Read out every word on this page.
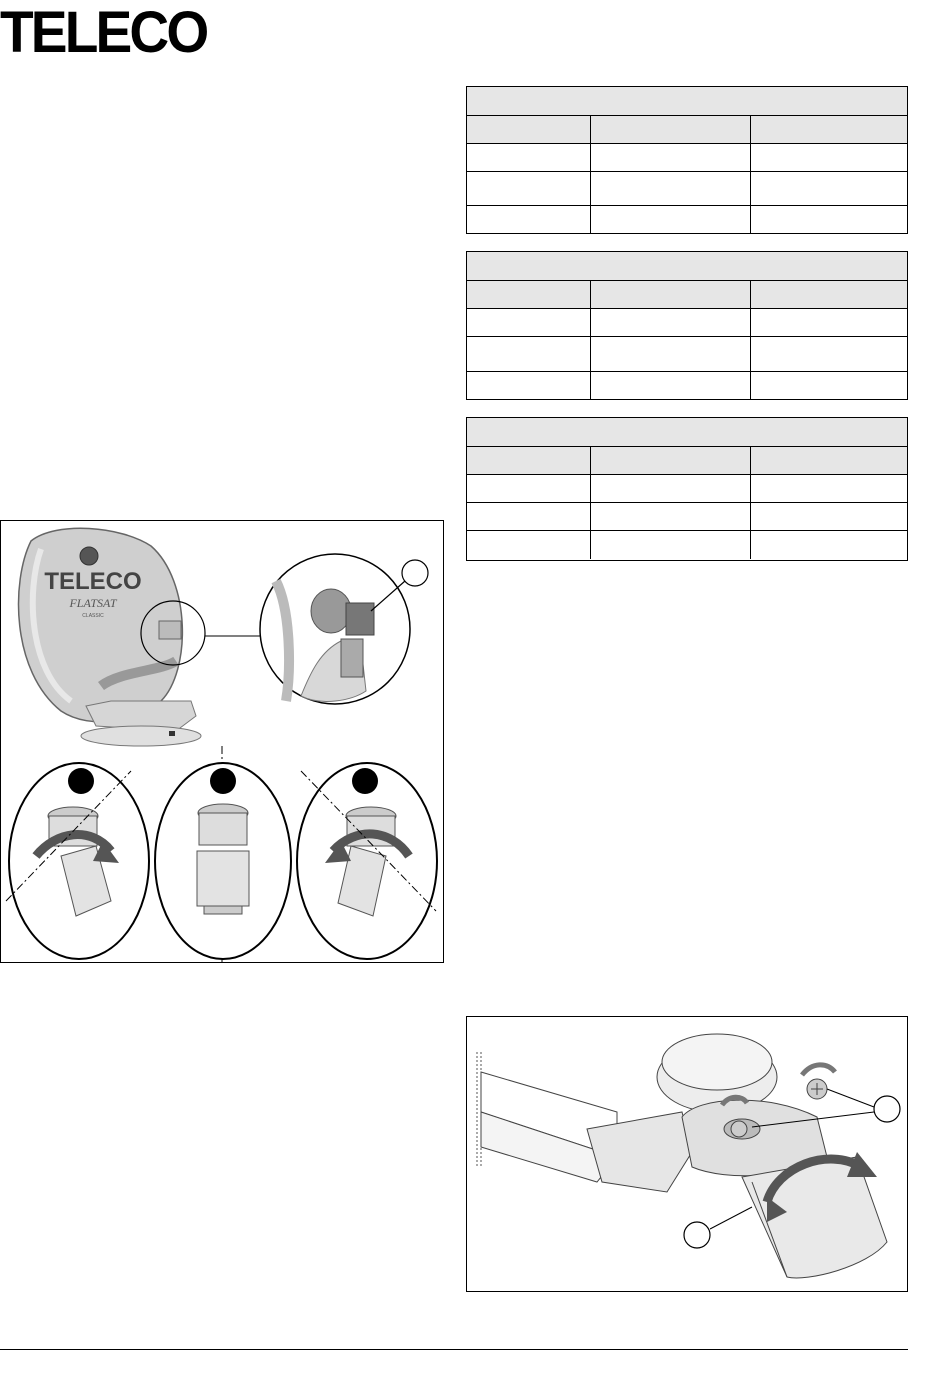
TELECO
TELECO
FLATSAT
CLASSIC
